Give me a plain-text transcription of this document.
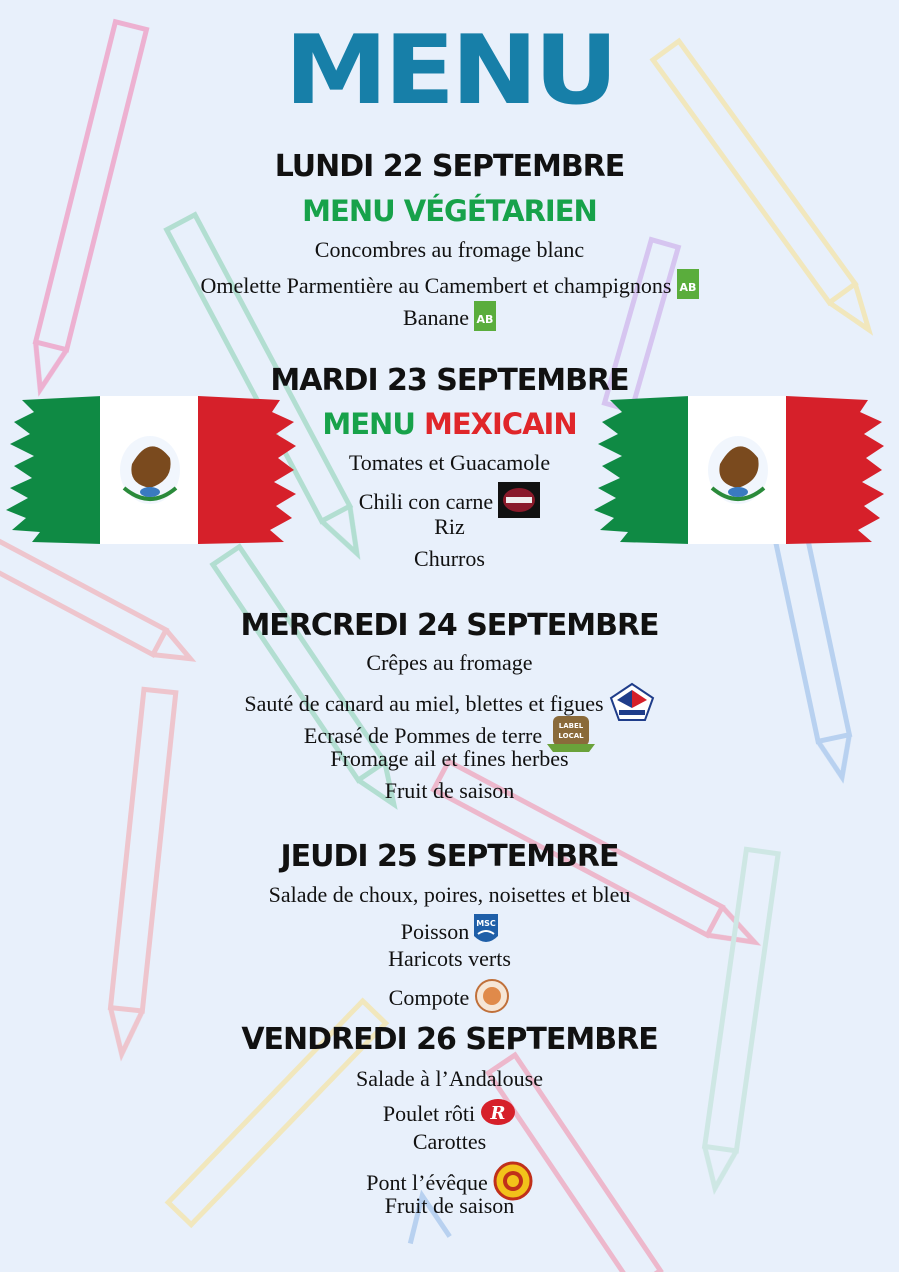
MENU
LUNDI 22 SEPTEMBRE
MENU VÉGÉTARIEN
Concombres au fromage blanc
Omelette Parmentière au Camembert et champignons AB
Banane AB
MARDI 23 SEPTEMBRE
MENU MEXICAIN
Tomates et Guacamole
Chili con carne
Riz
Churros
MERCREDI 24 SEPTEMBRE
Crêpes au fromage
Sauté de canard au miel, blettes et figues
Ecrasé de Pommes de terre LABEL
LOCAL
Fromage ail et fines herbes
Fruit de saison
JEUDI 25 SEPTEMBRE
Salade de choux, poires, noisettes et bleu
Poisson MSC
Haricots verts
Compote
VENDREDI 26 SEPTEMBRE
Salade à l’Andalouse
Poulet rôti R
Carottes
Pont l’évêque
Fruit de saison
